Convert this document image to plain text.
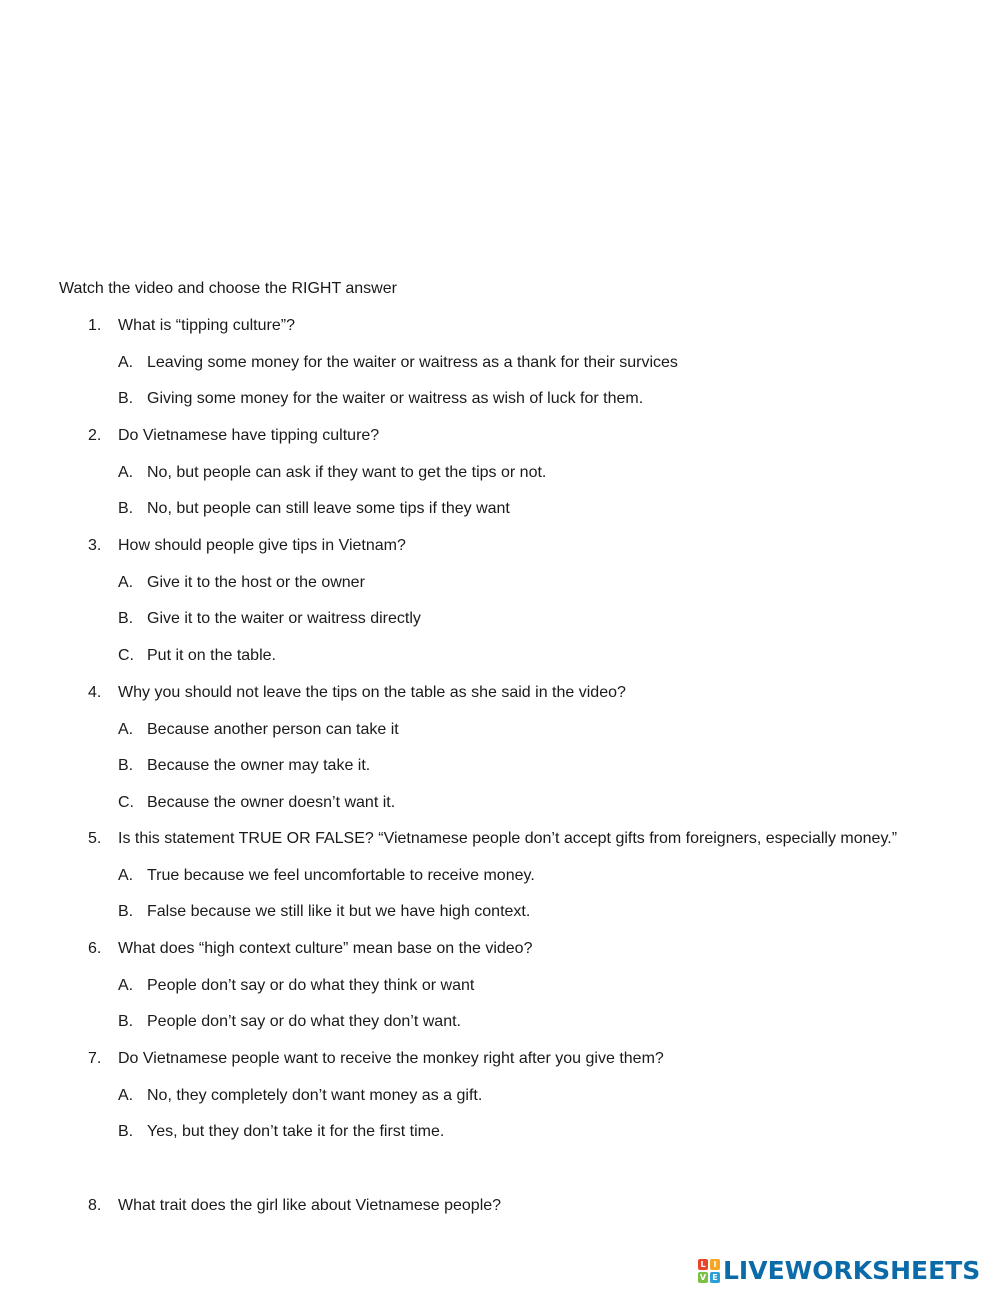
Watch the video and choose the RIGHT answer
1.	What is “tipping culture”?
A. Leaving some money for the waiter or waitress as a thank for their survices
B. Giving some money for the waiter or waitress as wish of luck for them.
2.	Do Vietnamese have tipping culture?
A. No, but people can ask if they want to get the tips or not.
B. No, but people can still leave some tips if they want
3.	How should people give tips in Vietnam?
A. Give it to the host or the owner
B. Give it to the waiter or waitress directly
C. Put it on the table.
4.	Why you should not leave the tips on the table as she said in the video?
A. Because another person can take it
B. Because the owner may take it.
C. Because the owner doesn’t want it.
5.	Is this statement TRUE OR FALSE? “Vietnamese people don’t accept gifts from foreigners, especially money.”
A. True because we feel uncomfortable to receive money.
B. False because we still like it but we have high context.
6.	What does “high context culture” mean base on the video?
A. People don’t say or do what they think or want
B. People don’t say or do what they don’t want.
7.	Do Vietnamese people want to receive the monkey right after you give them?
A. No, they completely don’t want money as a gift.
B. Yes, but they don’t take it for the first time.
8.	What trait does the girl like about Vietnamese people?
L I
V E LIVEWORKSHEETS
